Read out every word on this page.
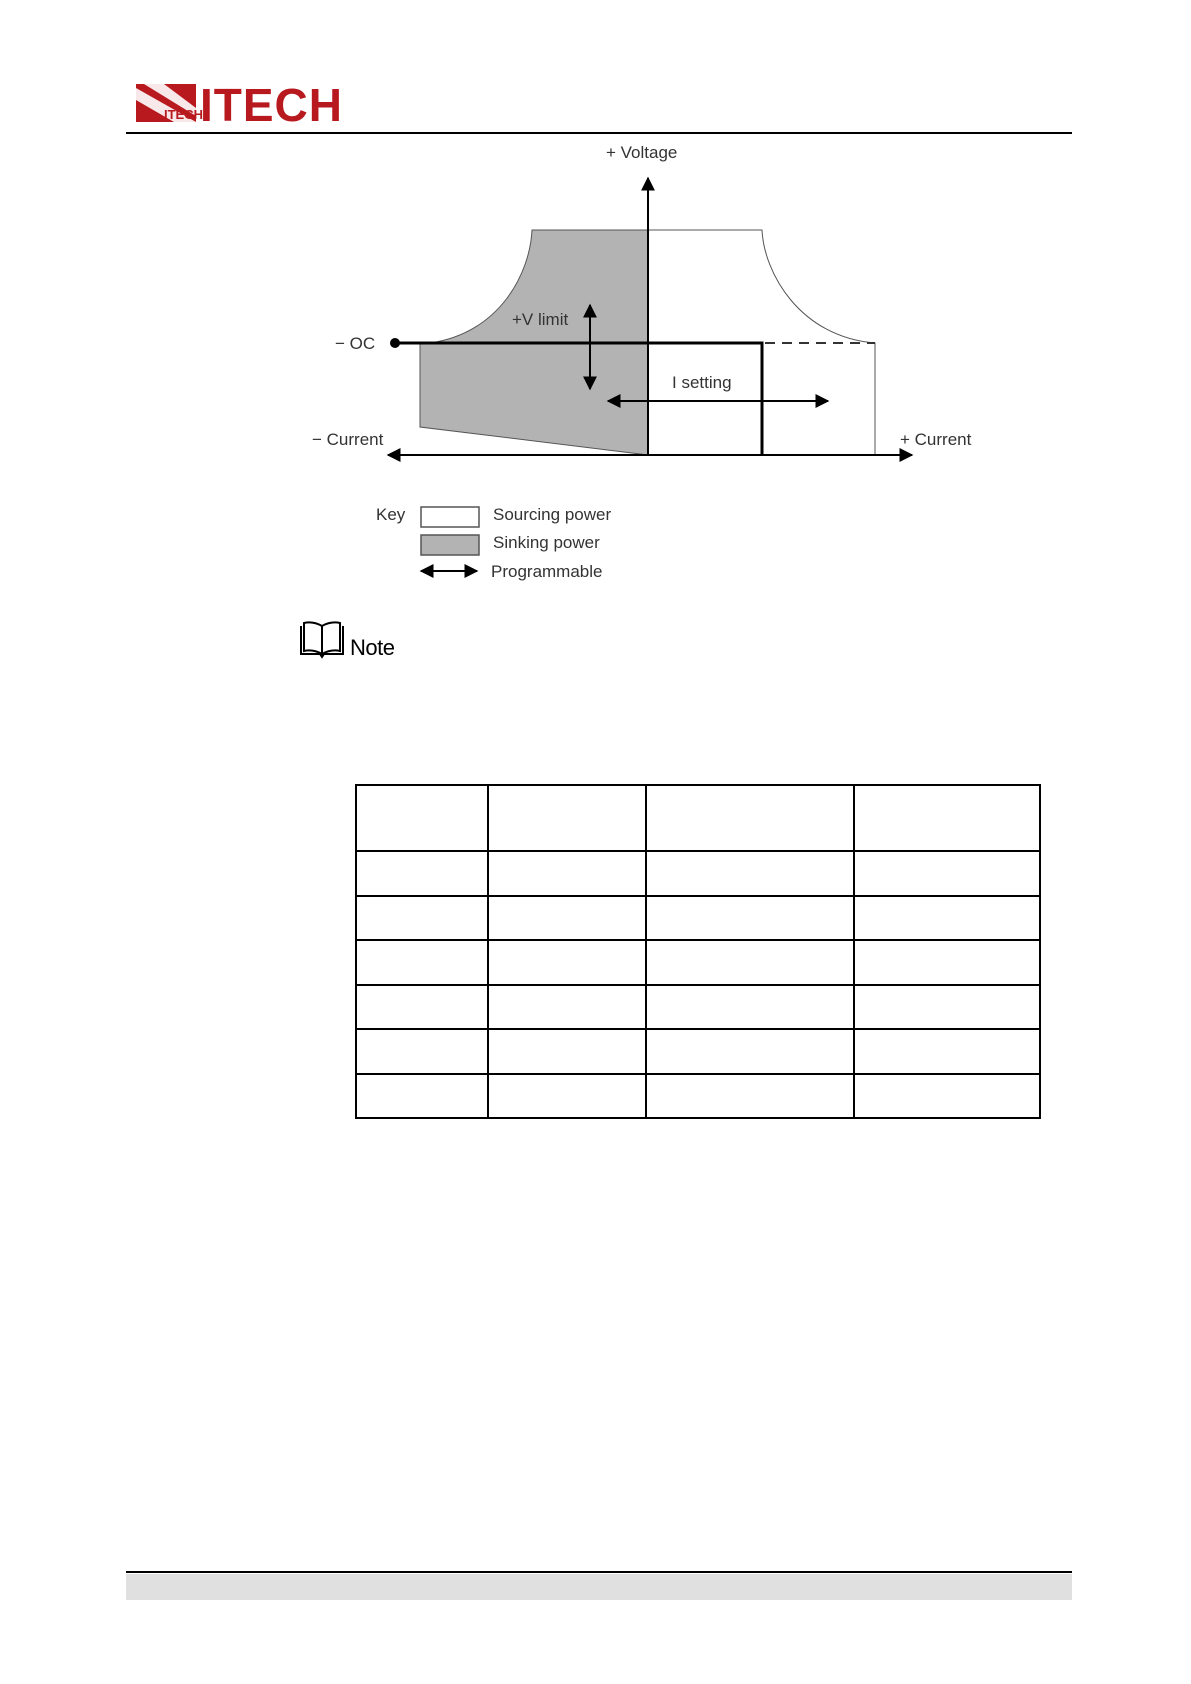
ITECH
ITECH
+ Voltage
+ Current
− Current
− OC
+V limit
I setting
Key	Sourcing power
Sinking power
Programmable
Note
